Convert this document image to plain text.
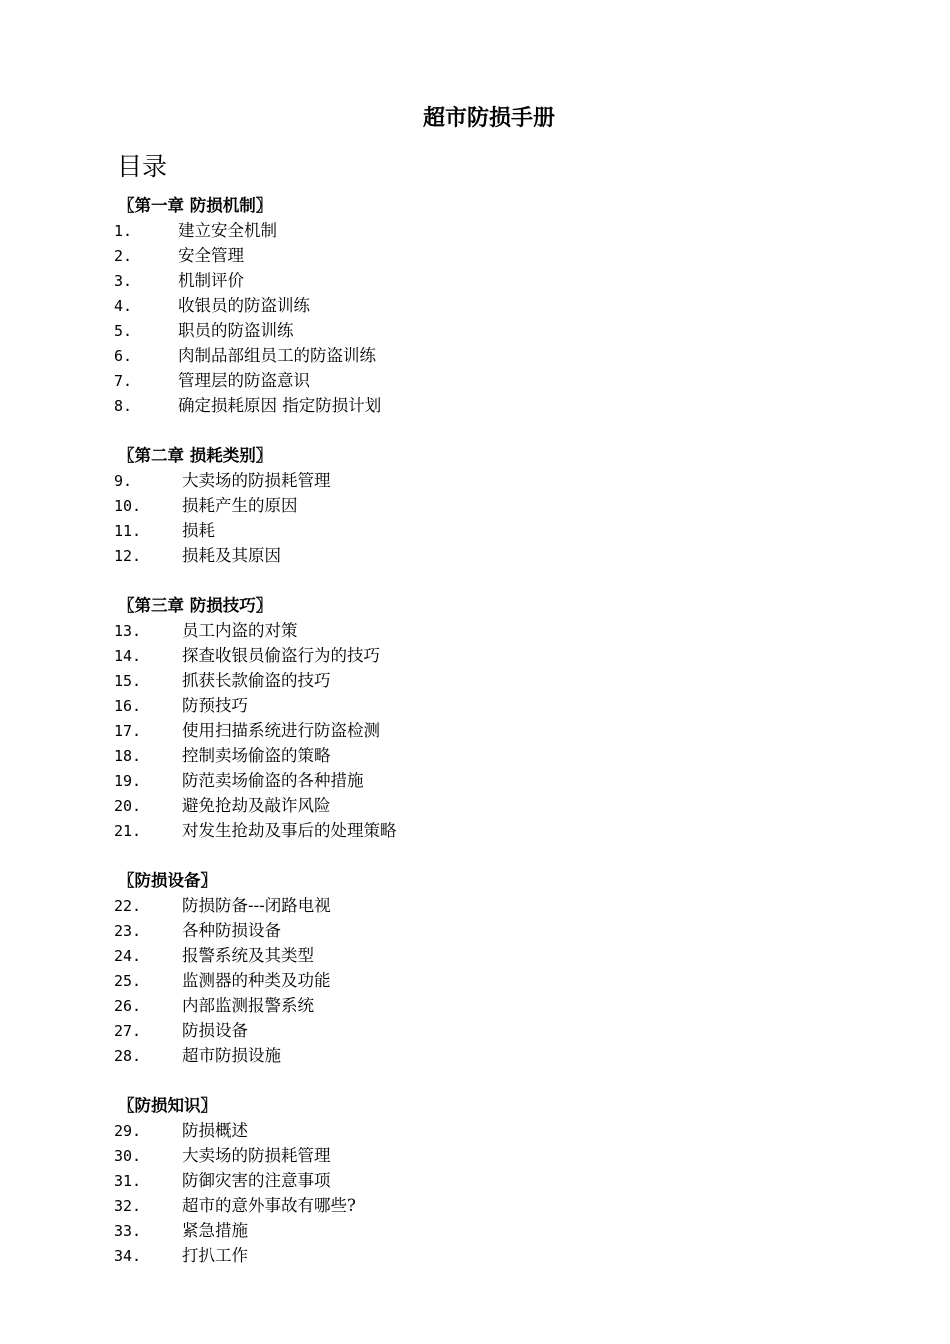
超市防损手册
目录
〖第一章 防损机制〗
1.	建立安全机制
2.	安全管理
3.	机制评价
4.	收银员的防盗训练
5.	职员的防盗训练
6.	肉制品部组员工的防盗训练
7.	管理层的防盗意识
8.	确定损耗原因 指定防损计划
〖第二章 损耗类别〗
9.	大卖场的防损耗管理
10. 损耗产生的原因
11. 损耗
12. 损耗及其原因
〖第三章 防损技巧〗
13. 员工内盗的对策
14. 探查收银员偷盗行为的技巧
15. 抓获长款偷盗的技巧
16. 防预技巧
17. 使用扫描系统进行防盗检测
18. 控制卖场偷盗的策略
19. 防范卖场偷盗的各种措施
20. 避免抢劫及敲诈风险
21. 对发生抢劫及事后的处理策略
〖防损设备〗
22. 防损防备---闭路电视
23. 各种防损设备
24. 报警系统及其类型
25. 监测器的种类及功能
26. 内部监测报警系统
27. 防损设备
28. 超市防损设施
〖防损知识〗
29. 防损概述
30. 大卖场的防损耗管理
31. 防御灾害的注意事项
32. 超市的意外事故有哪些?
33. 紧急措施
34. 打扒工作
